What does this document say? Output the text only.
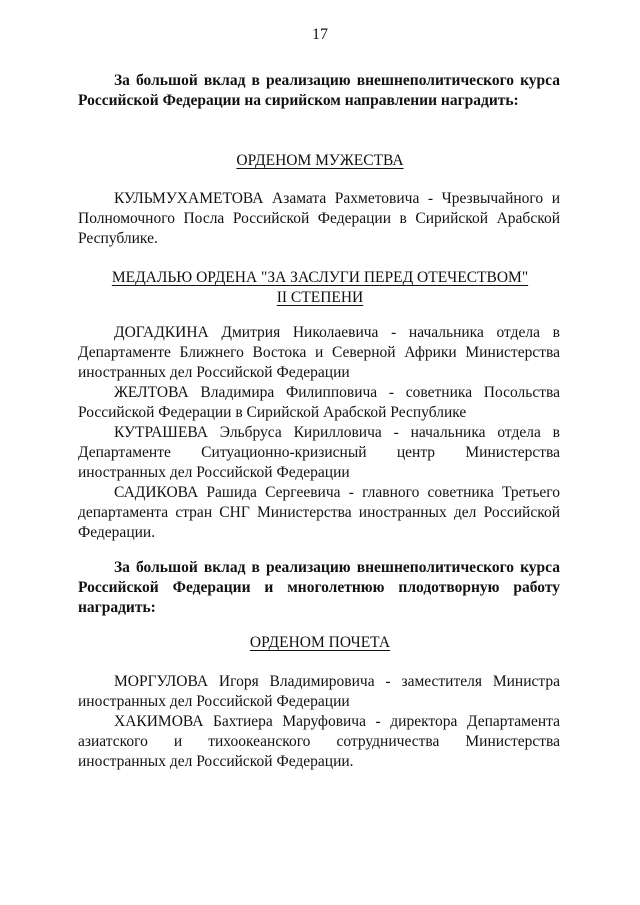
17
За большой вклад в реализацию внешнеполитического курса Российской Федерации на сирийском направлении наградить:
ОРДЕНОМ МУЖЕСТВА
КУЛЬМУХАМЕТОВА Азамата Рахметовича - Чрезвычайного и Полномочного Посла Российской Федерации в Сирийской Арабской Республике.
МЕДАЛЬЮ ОРДЕНА "ЗА ЗАСЛУГИ ПЕРЕД ОТЕЧЕСТВОМ"
II СТЕПЕНИ
ДОГАДКИНА Дмитрия Николаевича - начальника отдела в Департаменте Ближнего Востока и Северной Африки Министерства иностранных дел Российской Федерации
ЖЕЛТОВА Владимира Филипповича - советника Посольства Российской Федерации в Сирийской Арабской Республике
КУТРАШЕВА Эльбруса Кирилловича - начальника отдела в Департаменте Ситуационно-кризисный центр Министерства иностранных дел Российской Федерации
САДИКОВА Рашида Сергеевича - главного советника Третьего департамента стран СНГ Министерства иностранных дел Российской Федерации.
За большой вклад в реализацию внешнеполитического курса Российской Федерации и многолетнюю плодотворную работу наградить:
ОРДЕНОМ ПОЧЕТА
МОРГУЛОВА Игоря Владимировича - заместителя Министра иностранных дел Российской Федерации
ХАКИМОВА Бахтиера Маруфовича - директора Департамента азиатского и тихоокеанского сотрудничества Министерства иностранных дел Российской Федерации.
